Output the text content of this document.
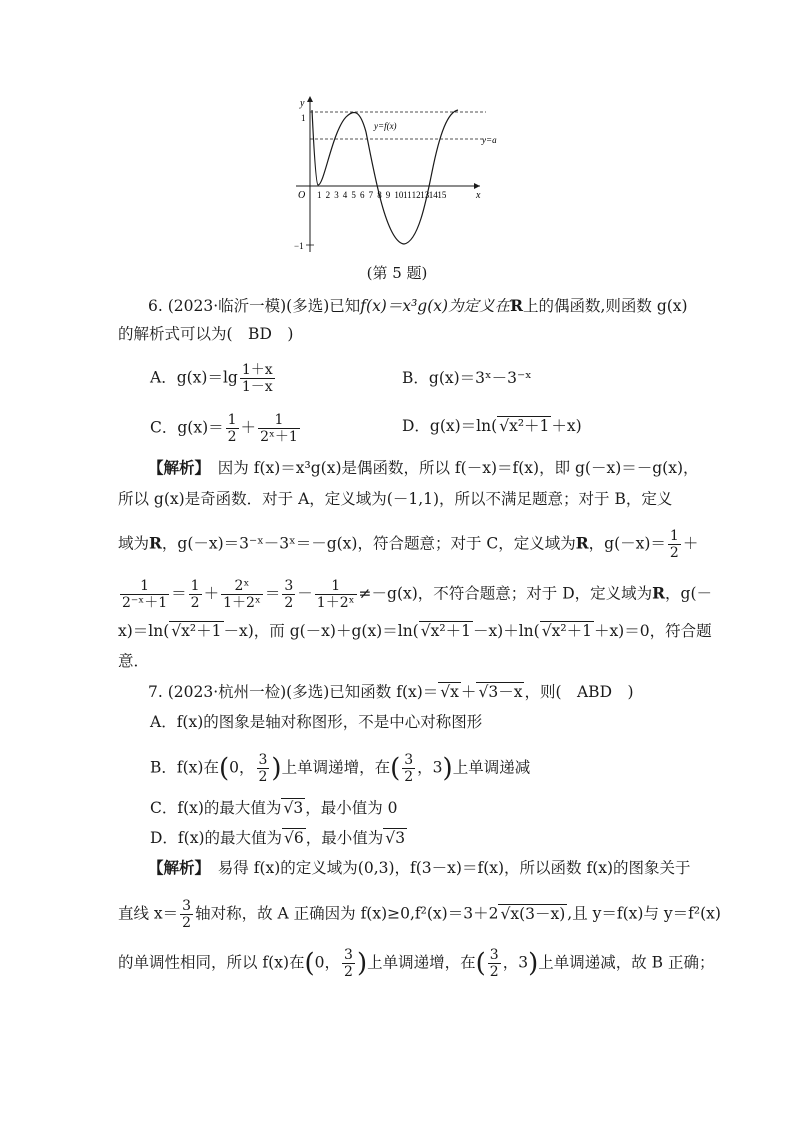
y
x
O
1
−1
y=f(x)
y=a
1 2 3 4 5 6 7 8 9 10 11 12 13 14 15
(第 5 题)
6. (2023·临沂一模)(多选)已知f(x)＝x³g(x)为定义在R上的偶函数,则函数 g(x)
的解析式可以为(　BD　)
A．$g(x)=\lg \frac{1+x}{1-x}$	B．g(x)＝3ˣ－3⁻ˣ
C．$g(x)= \frac{1}{2} + \frac{1}{\text{2ˣ＋1}}$	D．g(x)＝ln( √x²＋1 ＋x)
【解析】　 因为 f(x)＝x³g(x)是偶函数，所以 f(－x)＝f(x)，即 g(－x)＝－g(x)，
所以 g(x)是奇函数．对于 A，定义域为(－1,1)，所以不满足题意；对于 B，定义
域为R，g(－x)＝3⁻ˣ－3ˣ＝－g(x)，符合题意；对于 C，定义域为R，$g(-x)= \frac{1}{2}$ ＋
$\frac{1}{\text{2⁻ˣ＋1}} = \frac{1}{2} + \frac{\text{2ˣ}}{\text{1＋2ˣ}} = \frac{3}{2} - \frac{1}{\text{1＋2ˣ}} \ne-g(x)$，不符合题意；对于 D，定义域为R，g(－
x)＝ln( √x²＋1 －x)，而 g(－x)＋g(x)＝ln( √x²＋1 －x)＋ln( √x²＋1 ＋x)＝0，符合题
意．
7. (2023·杭州一检)(多选)已知函数 f(x)＝ √x ＋ √3－x ，则(　ABD　)
A．f(x)的图象是轴对称图形，不是中心对称图形
B．f(x)在(0， $\frac{3}{2}$ )上单调递增，在( $\frac{3}{2}$ ，3)上单调递减
C．f(x)的最大值为 √3 ，最小值为 0
D．f(x)的最大值为 √6 ，最小值为 √3
【解析】　 易得 f(x)的定义域为(0,3)，f(3－x)＝f(x)，所以函数 f(x)的图象关于
直线 $x= \frac{3}{2}$ 轴对称，故 A 正确因为 f(x)≥0,f²(x)＝3＋2 √x(3－x) ,且 y＝f(x)与 y＝f²(x)
的单调性相同，所以 f(x)在(0， $\frac{3}{2}$ )上单调递增，在( $\frac{3}{2}$ ，3)上单调递减，故 B 正确；
